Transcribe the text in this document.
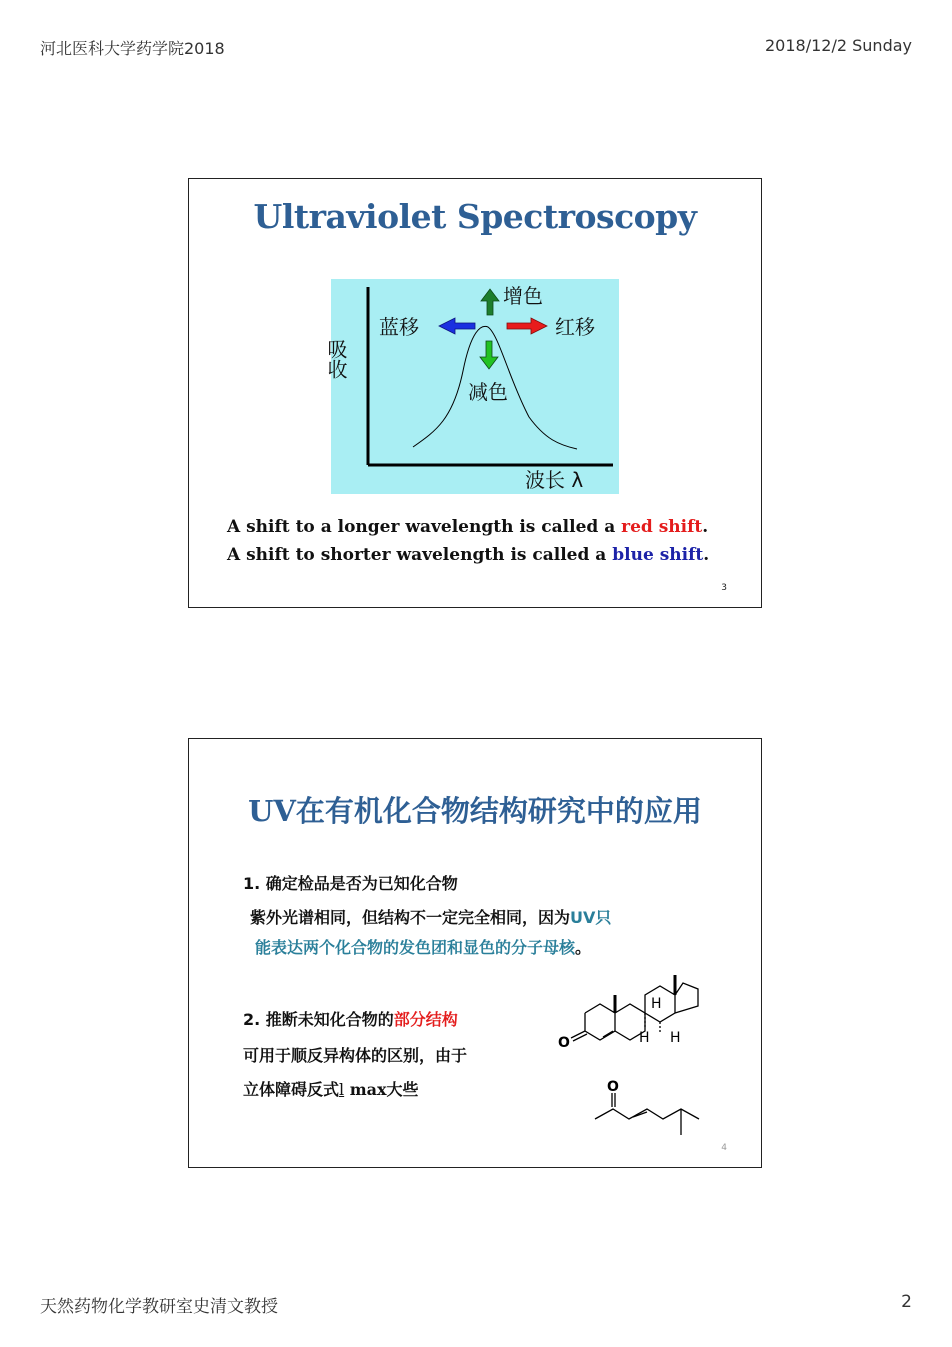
河北医科大学药学院2018	2018/12/2 Sunday
Ultraviolet Spectroscopy
增色
蓝移	红移
减色
吸收
波长 λ
A shift to a longer wavelength is called a red shift.
A shift to shorter wavelength is called a blue shift.
3
UV在有机化合物结构研究中的应用
1. 确定检品是否为已知化合物
紫外光谱相同，但结构不一定完全相同，因为UV只
能表达两个化合物的发色团和显色的分子母核。
2. 推断未知化合物的部分结构
可用于顺反异构体的区别，由于
立体障碍反式l max大些
H
H H
O
O
4
天然药物化学教研室史清文教授	2
